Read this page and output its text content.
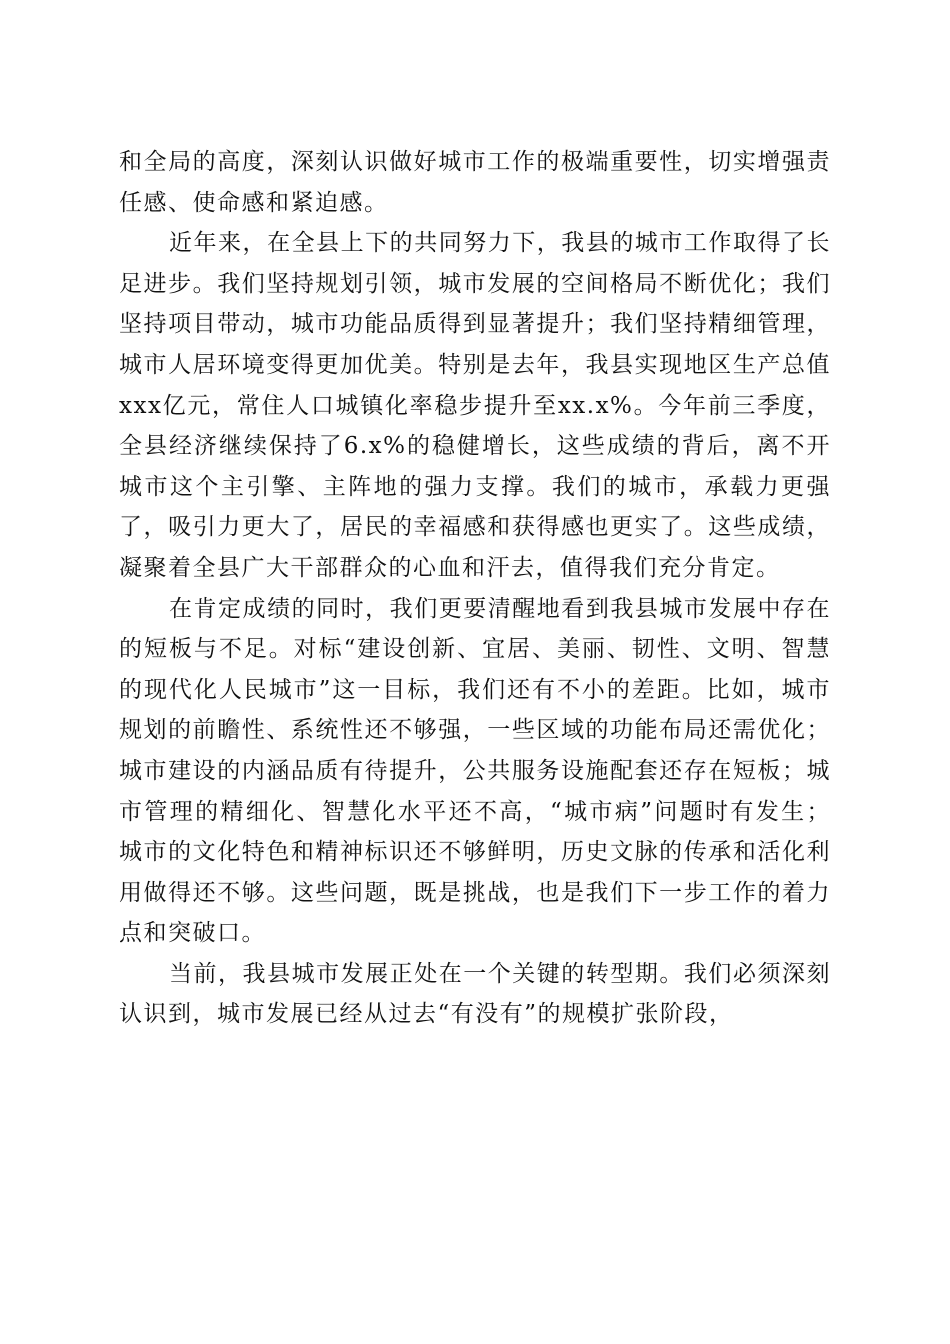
和全局的高度，深刻认识做好城市工作的极端重要性，切实增强责任感、使命感和紧迫感。

近年来，在全县上下的共同努力下，我县的城市工作取得了长足进步。我们坚持规划引领，城市发展的空间格局不断优化；我们坚持项目带动，城市功能品质得到显著提升；我们坚持精细管理，城市人居环境变得更加优美。特别是去年，我县实现地区生产总值xxx亿元，常住人口城镇化率稳步提升至xx.x%。今年前三季度，全县经济继续保持了6.x%的稳健增长，这些成绩的背后，离不开城市这个主引擎、主阵地的强力支撑。我们的城市，承载力更强了，吸引力更大了，居民的幸福感和获得感也更实了。这些成绩，凝聚着全县广大干部群众的心血和汗去，值得我们充分肯定。

在肯定成绩的同时，我们更要清醒地看到我县城市发展中存在的短板与不足。对标“建设创新、宜居、美丽、韧性、文明、智慧的现代化人民城市”这一目标，我们还有不小的差距。比如，城市规划的前瞻性、系统性还不够强，一些区域的功能布局还需优化；城市建设的内涵品质有待提升，公共服务设施配套还存在短板；城市管理的精细化、智慧化水平还不高，“城市病”问题时有发生；城市的文化特色和精神标识还不够鲜明，历史文脉的传承和活化利用做得还不够。这些问题，既是挑战，也是我们下一步工作的着力点和突破口。

当前，我县城市发展正处在一个关键的转型期。我们必须深刻认识到，城市发展已经从过去“有没有”的规模扩张阶段，
